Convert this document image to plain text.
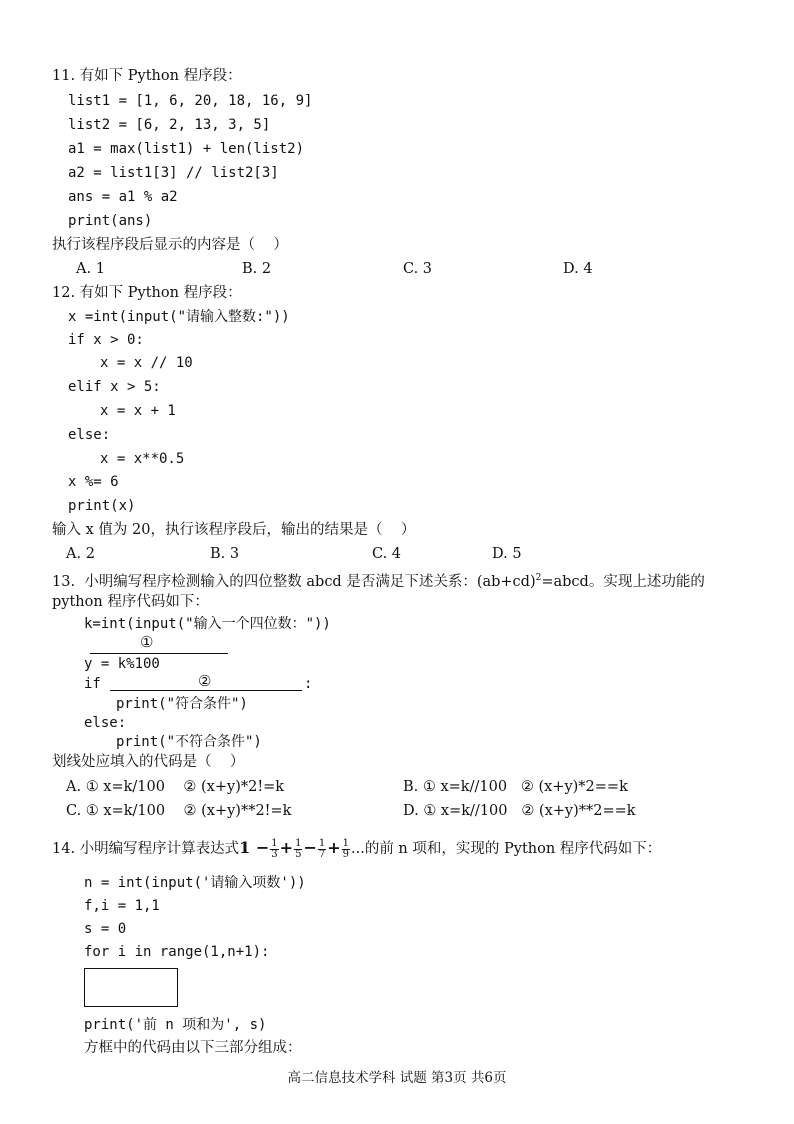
11. 有如下 Python 程序段：
list1 = [1, 6, 20, 18, 16, 9]
list2 = [6, 2, 13, 3, 5]
a1 = max(list1) + len(list2)
a2 = list1[3] // list2[3]
ans = a1 % a2
print(ans)
执行该程序段后显示的内容是（    ）
A. 1	B. 2	C. 3	D. 4
12. 有如下 Python 程序段：
x =int(input("请输入整数:"))
if x > 0:
x = x // 10
elif x > 5:
x = x + 1
else:
x = x**0.5
x %= 6
print(x)
输入 x 值为 20，执行该程序段后，输出的结果是（    ）
A. 2	B. 3	C. 4	D. 5
13.  小明编写程序检测输入的四位整数 abcd 是否满足下述关系：$(ab+cd)^2=abcd$。实现上述功能的
python 程序代码如下：
k=int(input("输入一个四位数："))
①
y = k%100
if	②	:
print("符合条件")
else:
print("不符合条件")
划线处应填入的代码是（    ）
A. ① x=k/100    ② (x+y)*2!=k	B. ① x=k//100   ② (x+y)*2==k
C. ① x=k/100    ② (x+y)**2!=k	D. ① x=k//100   ② (x+y)**2==k
14. 小明编写程序计算表达式$1 - \frac{1}{3} + \frac{1}{5} - \frac{1}{7} + \frac{1}{9}$ ...的前 n 项和，实现的 Python 程序代码如下：
n = int(input('请输入项数'))
f,i = 1,1
s = 0
for i in range(1,n+1):
print('前 n 项和为', s)
方框中的代码由以下三部分组成：
高二信息技术学科 试题 第3页 共6页
